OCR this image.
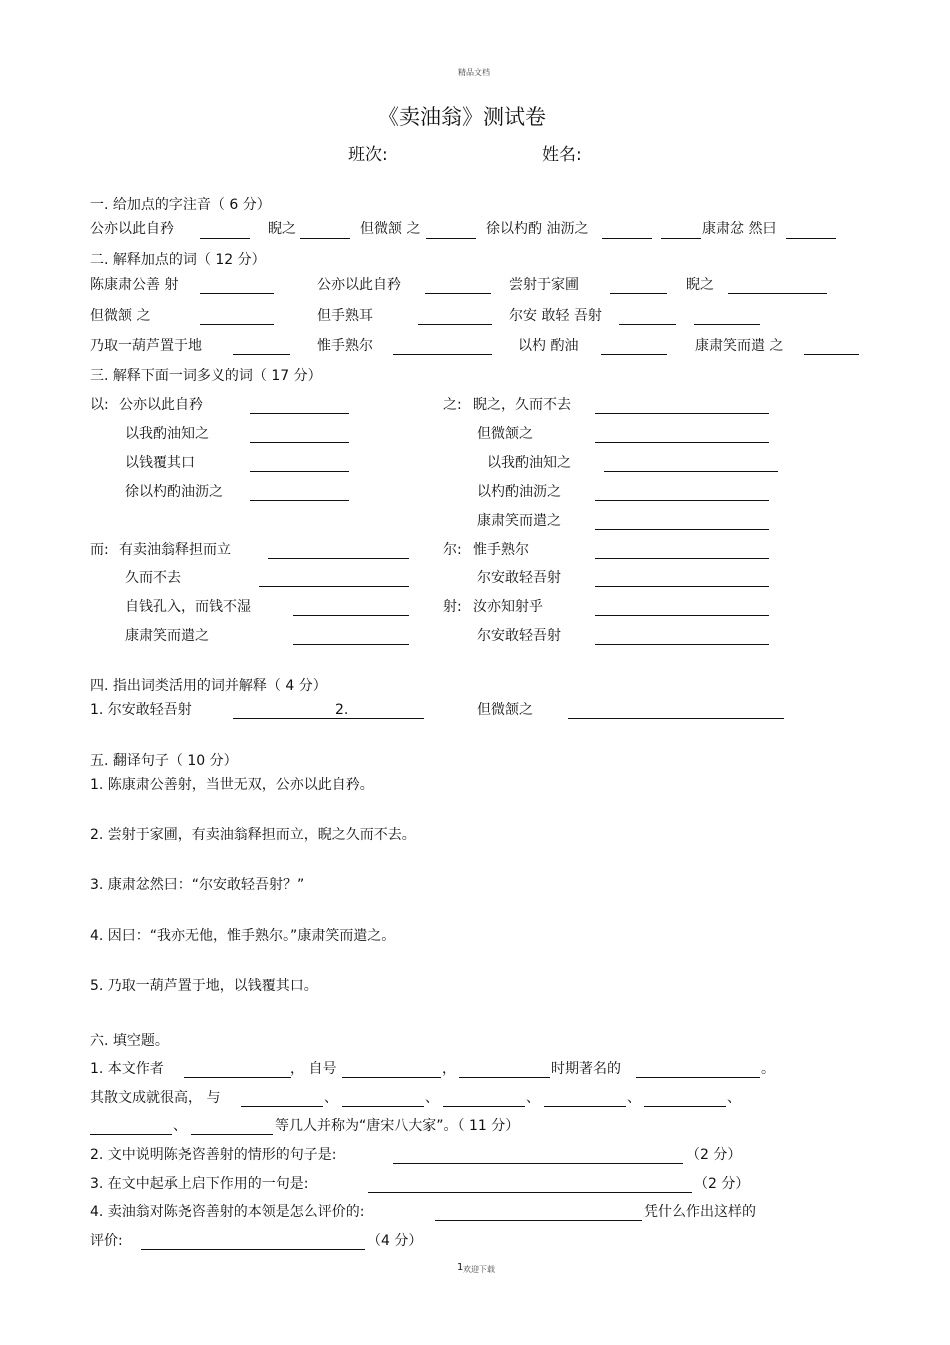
精品文档
《卖油翁》测试卷
班次:	姓名:
一. 给加点的字注音（ 6 分）
公亦以此自矜	睨之	但微颔 之	徐以杓酌 油沥之	康肃忿 然曰
二. 解释加点的词（ 12 分）
陈康肃公善 射	公亦以此自矜	尝射于家圃	睨之
但微颔 之	但手熟耳	尔安 敢轻 吾射
乃取一葫芦置于地	惟手熟尔	以杓 酌油	康肃笑而遣 之
三. 解释下面一词多义的词（ 17 分）
以: 公亦以此自矜
以我酌油知之
以钱覆其口
徐以杓酌油沥之
之: 睨之，久而不去
但微颔之
以我酌油知之
以杓酌油沥之
康肃笑而遣之
而: 有卖油翁释担而立
久而不去
自钱孔入，而钱不湿
康肃笑而遣之
尔: 惟手熟尔
尔安敢轻吾射
射: 汝亦知射乎
尔安敢轻吾射
四. 指出词类活用的词并解释（ 4 分）
1. 尔安敢轻吾射	2.	但微颔之
五. 翻译句子（ 10 分）
1. 陈康肃公善射，当世无双，公亦以此自矜。
2. 尝射于家圃，有卖油翁释担而立，睨之久而不去。
3. 康肃忿然曰：“尔安敢轻吾射？”
4. 因曰：“我亦无他，惟手熟尔。”康肃笑而遣之。
5. 乃取一葫芦置于地，以钱覆其口。
六. 填空题。
1. 本文作者	， 自号	，	时期著名的	。
其散文成就很高， 与	、	、	、	、	、
、	等几人并称为“唐宋八大家”。（ 11 分）
2. 文中说明陈尧咨善射的情形的句子是:	（2 分）
3. 在文中起承上启下作用的一句是:	（2 分）
4. 卖油翁对陈尧咨善射的本领是怎么评价的:	凭什么作出这样的
评价:	（4 分）
1 欢迎下载
